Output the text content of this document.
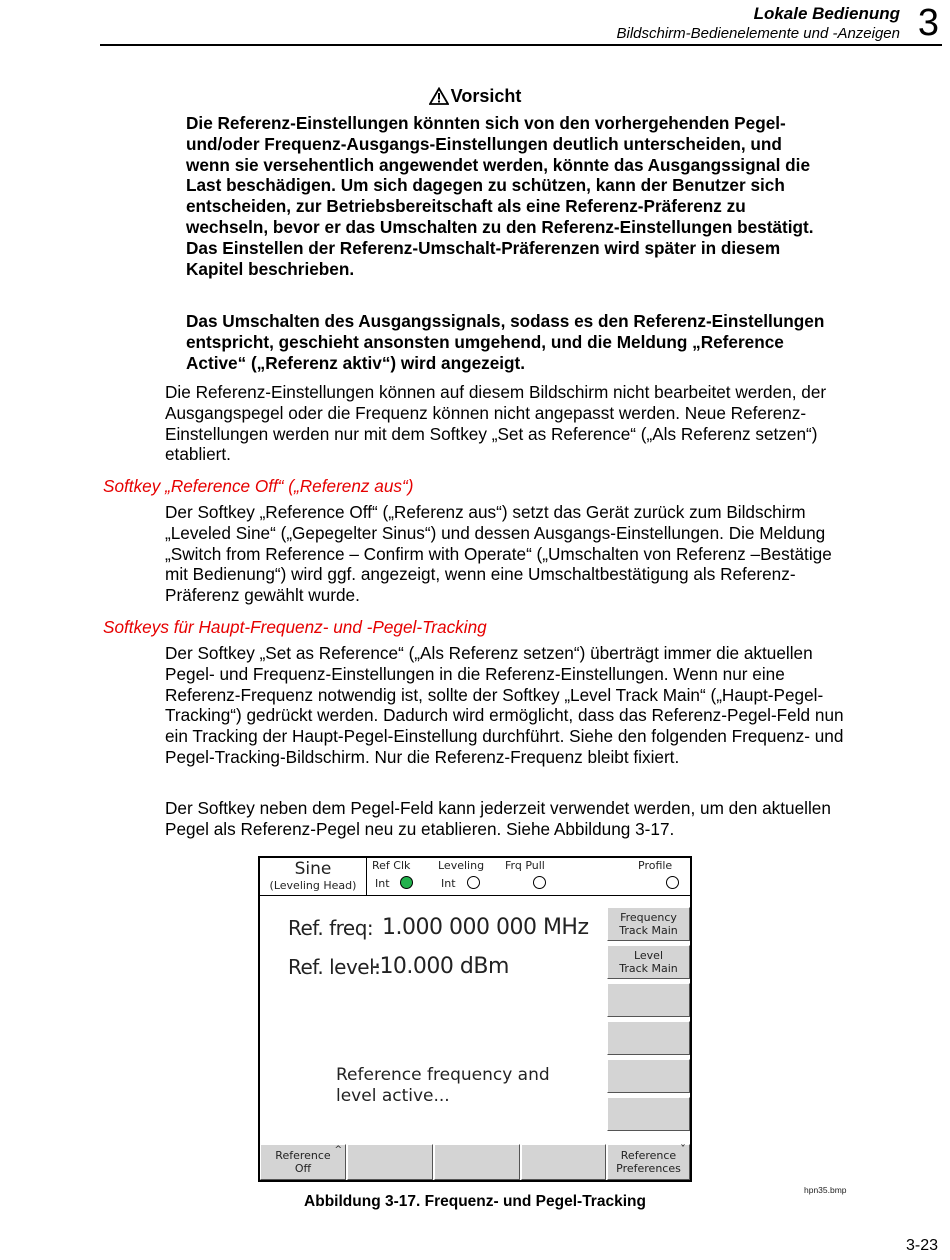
Lokale Bedienung
Bildschirm-Bedienelemente und -Anzeigen 3
Vorsicht

Die Referenz-Einstellungen könnten sich von den vorhergehenden Pegel- und/oder Frequenz-Ausgangs-Einstellungen deutlich unterscheiden, und wenn sie versehentlich angewendet werden, könnte das Ausgangssignal die Last beschädigen. Um sich dagegen zu schützen, kann der Benutzer sich entscheiden, zur Betriebsbereitschaft als eine Referenz-Präferenz zu wechseln, bevor er das Umschalten zu den Referenz-Einstellungen bestätigt. Das Einstellen der Referenz-Umschalt-Präferenzen wird später in diesem Kapitel beschrieben.

Das Umschalten des Ausgangssignals, sodass es den Referenz-Einstellungen entspricht, geschieht ansonsten umgehend, und die Meldung „Reference Active“ („Referenz aktiv“) wird angezeigt.

Die Referenz-Einstellungen können auf diesem Bildschirm nicht bearbeitet werden, der Ausgangspegel oder die Frequenz können nicht angepasst werden. Neue Referenz-Einstellungen werden nur mit dem Softkey „Set as Reference“ („Als Referenz setzen“) etabliert.

Softkey „Reference Off“ („Referenz aus“)

Der Softkey „Reference Off“ („Referenz aus“) setzt das Gerät zurück zum Bildschirm „Leveled Sine“ („Gepegelter Sinus“) und dessen Ausgangs-Einstellungen. Die Meldung „Switch from Reference – Confirm with Operate“ („Umschalten von Referenz –Bestätige mit Bedienung“) wird ggf. angezeigt, wenn eine Umschaltbestätigung als Referenz-Präferenz gewählt wurde.

Softkeys für Haupt-Frequenz- und -Pegel-Tracking

Der Softkey „Set as Reference“ („Als Referenz setzen“) überträgt immer die aktuellen Pegel- und Frequenz-Einstellungen in die Referenz-Einstellungen. Wenn nur eine Referenz-Frequenz notwendig ist, sollte der Softkey „Level Track Main“ („Haupt-Pegel-Tracking“) gedrückt werden. Dadurch wird ermöglicht, dass das Referenz-Pegel-Feld nun ein Tracking der Haupt-Pegel-Einstellung durchführt. Siehe den folgenden Frequenz- und Pegel-Tracking-Bildschirm. Nur die Referenz-Frequenz bleibt fixiert.

Der Softkey neben dem Pegel-Feld kann jederzeit verwendet werden, um den aktuellen Pegel als Referenz-Pegel neu zu etablieren. Siehe Abbildung 3-17.

Sine
(Leveling Head)
Ref Clk
Int
Leveling
Int
Frq Pull	Profile
Ref. freq: 1.000 000 000 MHz
Ref. level:
-10.000 dBm
Reference frequency and
level active...
Frequency
Track Main
Level
Track Main
Reference
Off
^	Reference
Preferences
ˇ
hpn35.bmp
Abbildung 3-17. Frequenz- und Pegel-Tracking
3-23
